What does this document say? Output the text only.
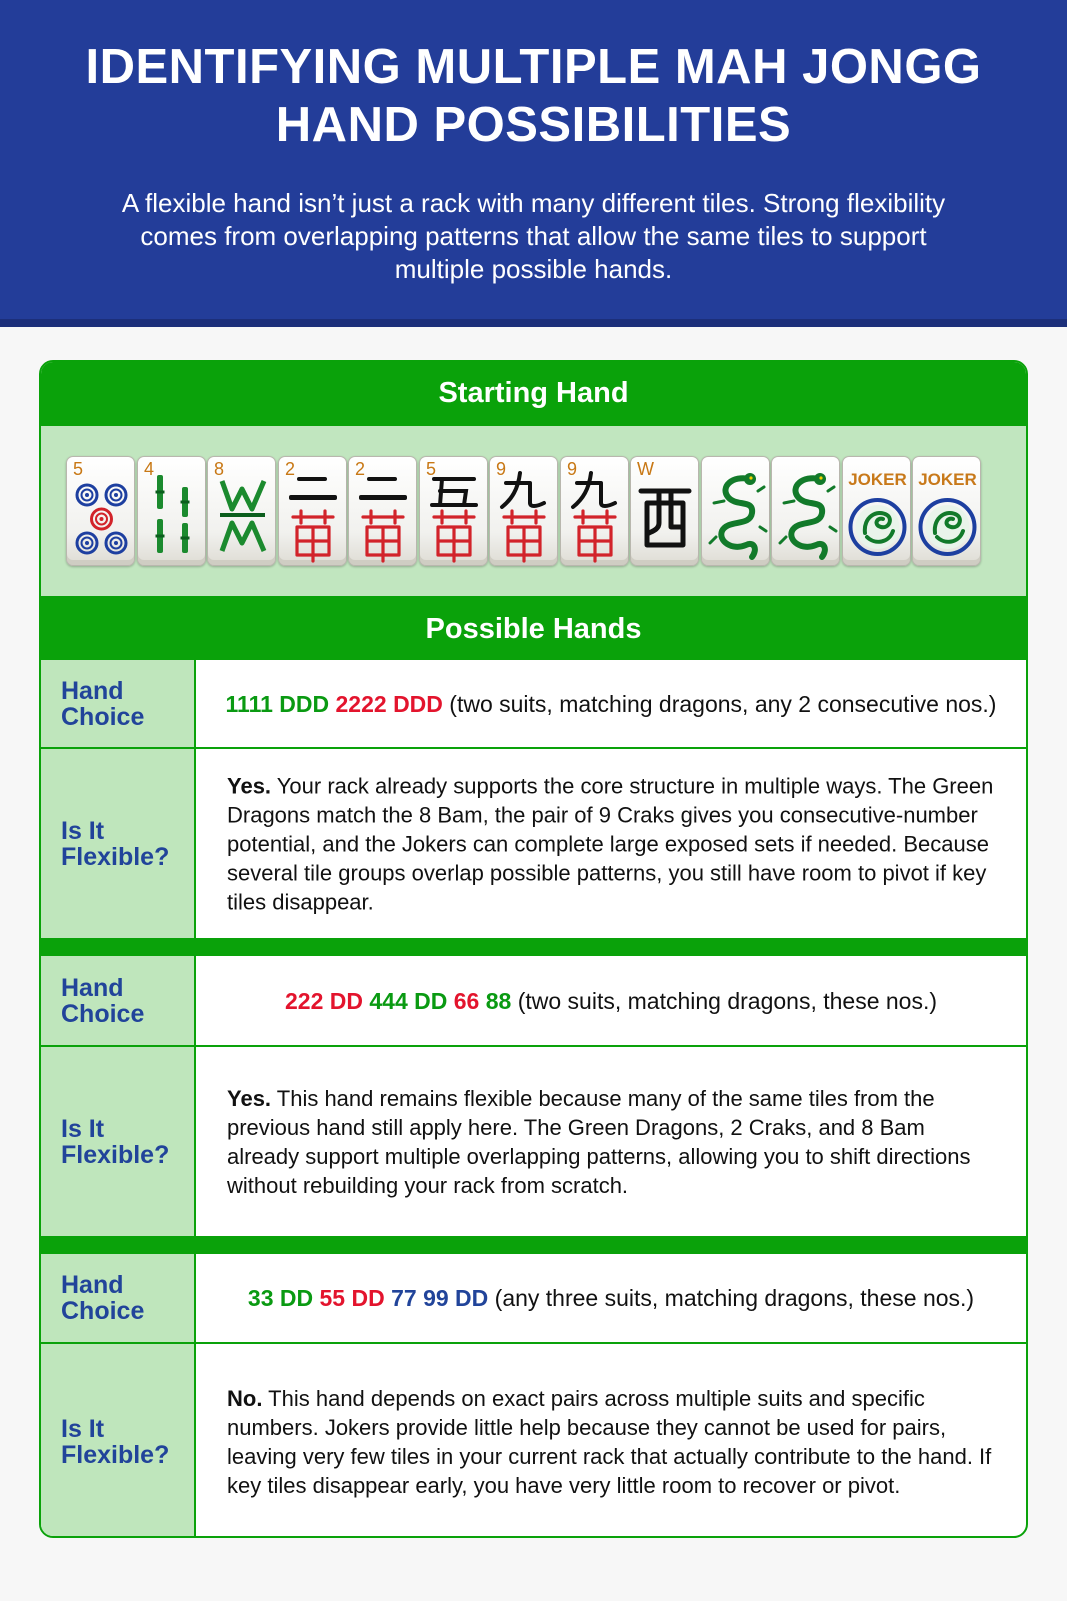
IDENTIFYING MULTIPLE MAH JONGG
HAND POSSIBILITIES

A flexible hand isn’t just a rack with many different tiles. Strong flexibility
comes from overlapping patterns that allow the same tiles to support
multiple possible hands.

Starting Hand
5	4	8	2	2	5	9	9	W
JOKER JOKER
Possible Hands
Hand Choice	1111 DDD 2222 DDD (two suits, matching dragons, any 2 consecutive nos.)
Is It Flexible?
Yes. Your rack already supports the core structure in multiple ways. The Green Dragons match the 8 Bam, the pair of 9 Craks gives you consecutive-number potential, and the Jokers can complete large exposed sets if needed. Because several tile groups overlap possible patterns, you still have room to pivot if key tiles disappear.
Hand Choice	222 DD 444 DD 66 88 (two suits, matching dragons, these nos.)
Is It Flexible?
Yes. This hand remains flexible because many of the same tiles from the previous hand still apply here. The Green Dragons, 2 Craks, and 8 Bam already support multiple overlapping patterns, allowing you to shift directions without rebuilding your rack from scratch.
Hand Choice	33 DD 55 DD 77 99 DD (any three suits, matching dragons, these nos.)
Is It Flexible?
No. This hand depends on exact pairs across multiple suits and specific numbers. Jokers provide little help because they cannot be used for pairs, leaving very few tiles in your current rack that actually contribute to the hand. If key tiles disappear early, you have very little room to recover or pivot.
